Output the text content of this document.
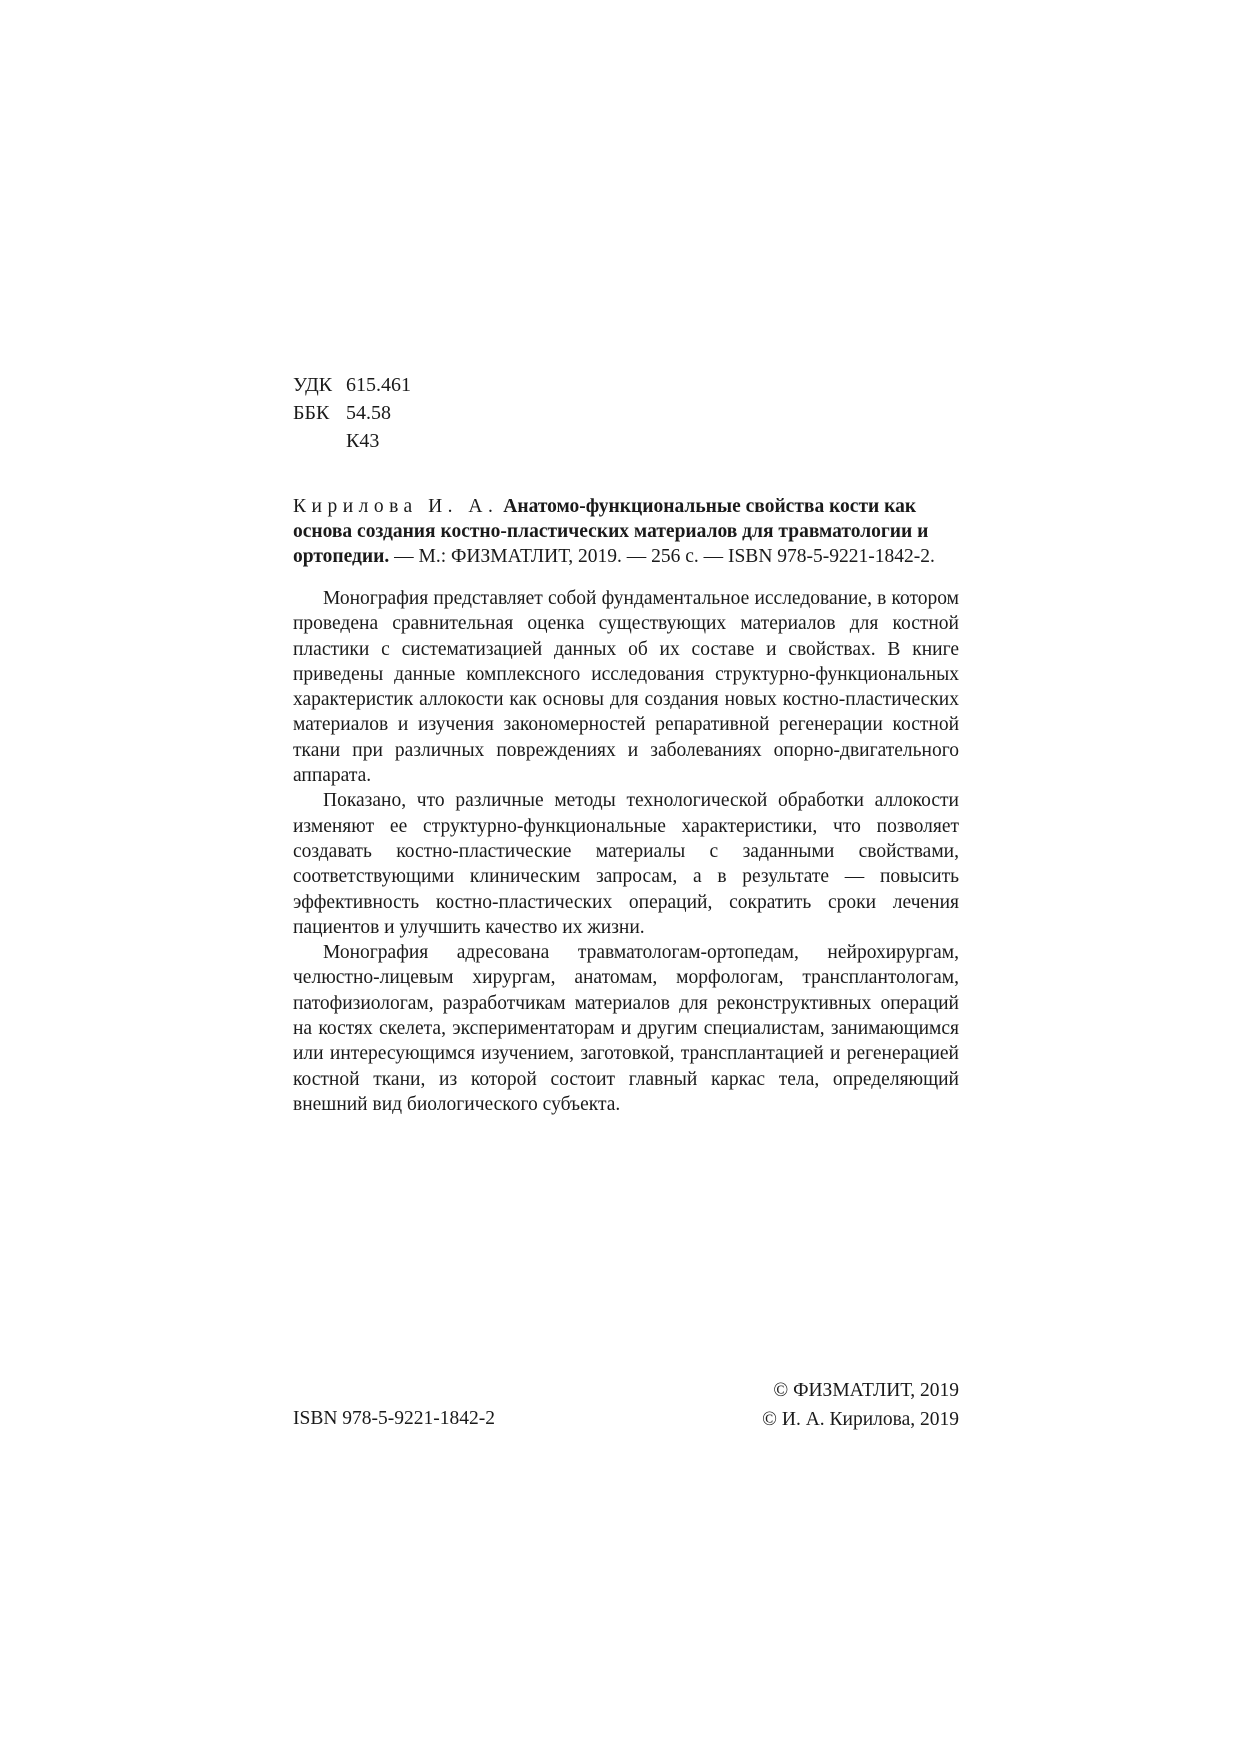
УДК 615.461
ББК 54.58
К43
Кирилова И. А. Анатомо-функциональные свойства кости как основа создания костно-пластических материалов для травматологии и ортопедии. — М.: ФИЗМАТЛИТ, 2019. — 256 с. — ISBN 978-5-9221-1842-2.

Монография представляет собой фундаментальное исследование, в котором проведена сравнительная оценка существующих материалов для костной пластики с систематизацией данных об их составе и свойствах. В книге приведены данные комплексного исследования структурно-функциональных характеристик аллокости как основы для создания новых костно-пластических материалов и изучения закономерностей репаративной регенерации костной ткани при различных повреждениях и заболеваниях опорно-двигательного аппарата.

Показано, что различные методы технологической обработки аллокости изменяют ее структурно-функциональные характеристики, что позволяет создавать костно-пластические материалы с заданными свойствами, соответствующими клиническим запросам, а в результате — повысить эффективность костно-пластических операций, сократить сроки лечения пациентов и улучшить качество их жизни.

Монография адресована травматологам-ортопедам, нейрохирургам, челюстно-лицевым хирургам, анатомам, морфологам, трансплантологам, патофизиологам, разработчикам материалов для реконструктивных операций на костях скелета, экспериментаторам и другим специалистам, занимающимся или интересующимся изучением, заготовкой, трансплантацией и регенерацией костной ткани, из которой состоит главный каркас тела, определяющий внешний вид биологического субъекта.

ISBN 978-5-9221-1842-2
© ФИЗМАТЛИТ, 2019
© И. А. Кирилова, 2019
